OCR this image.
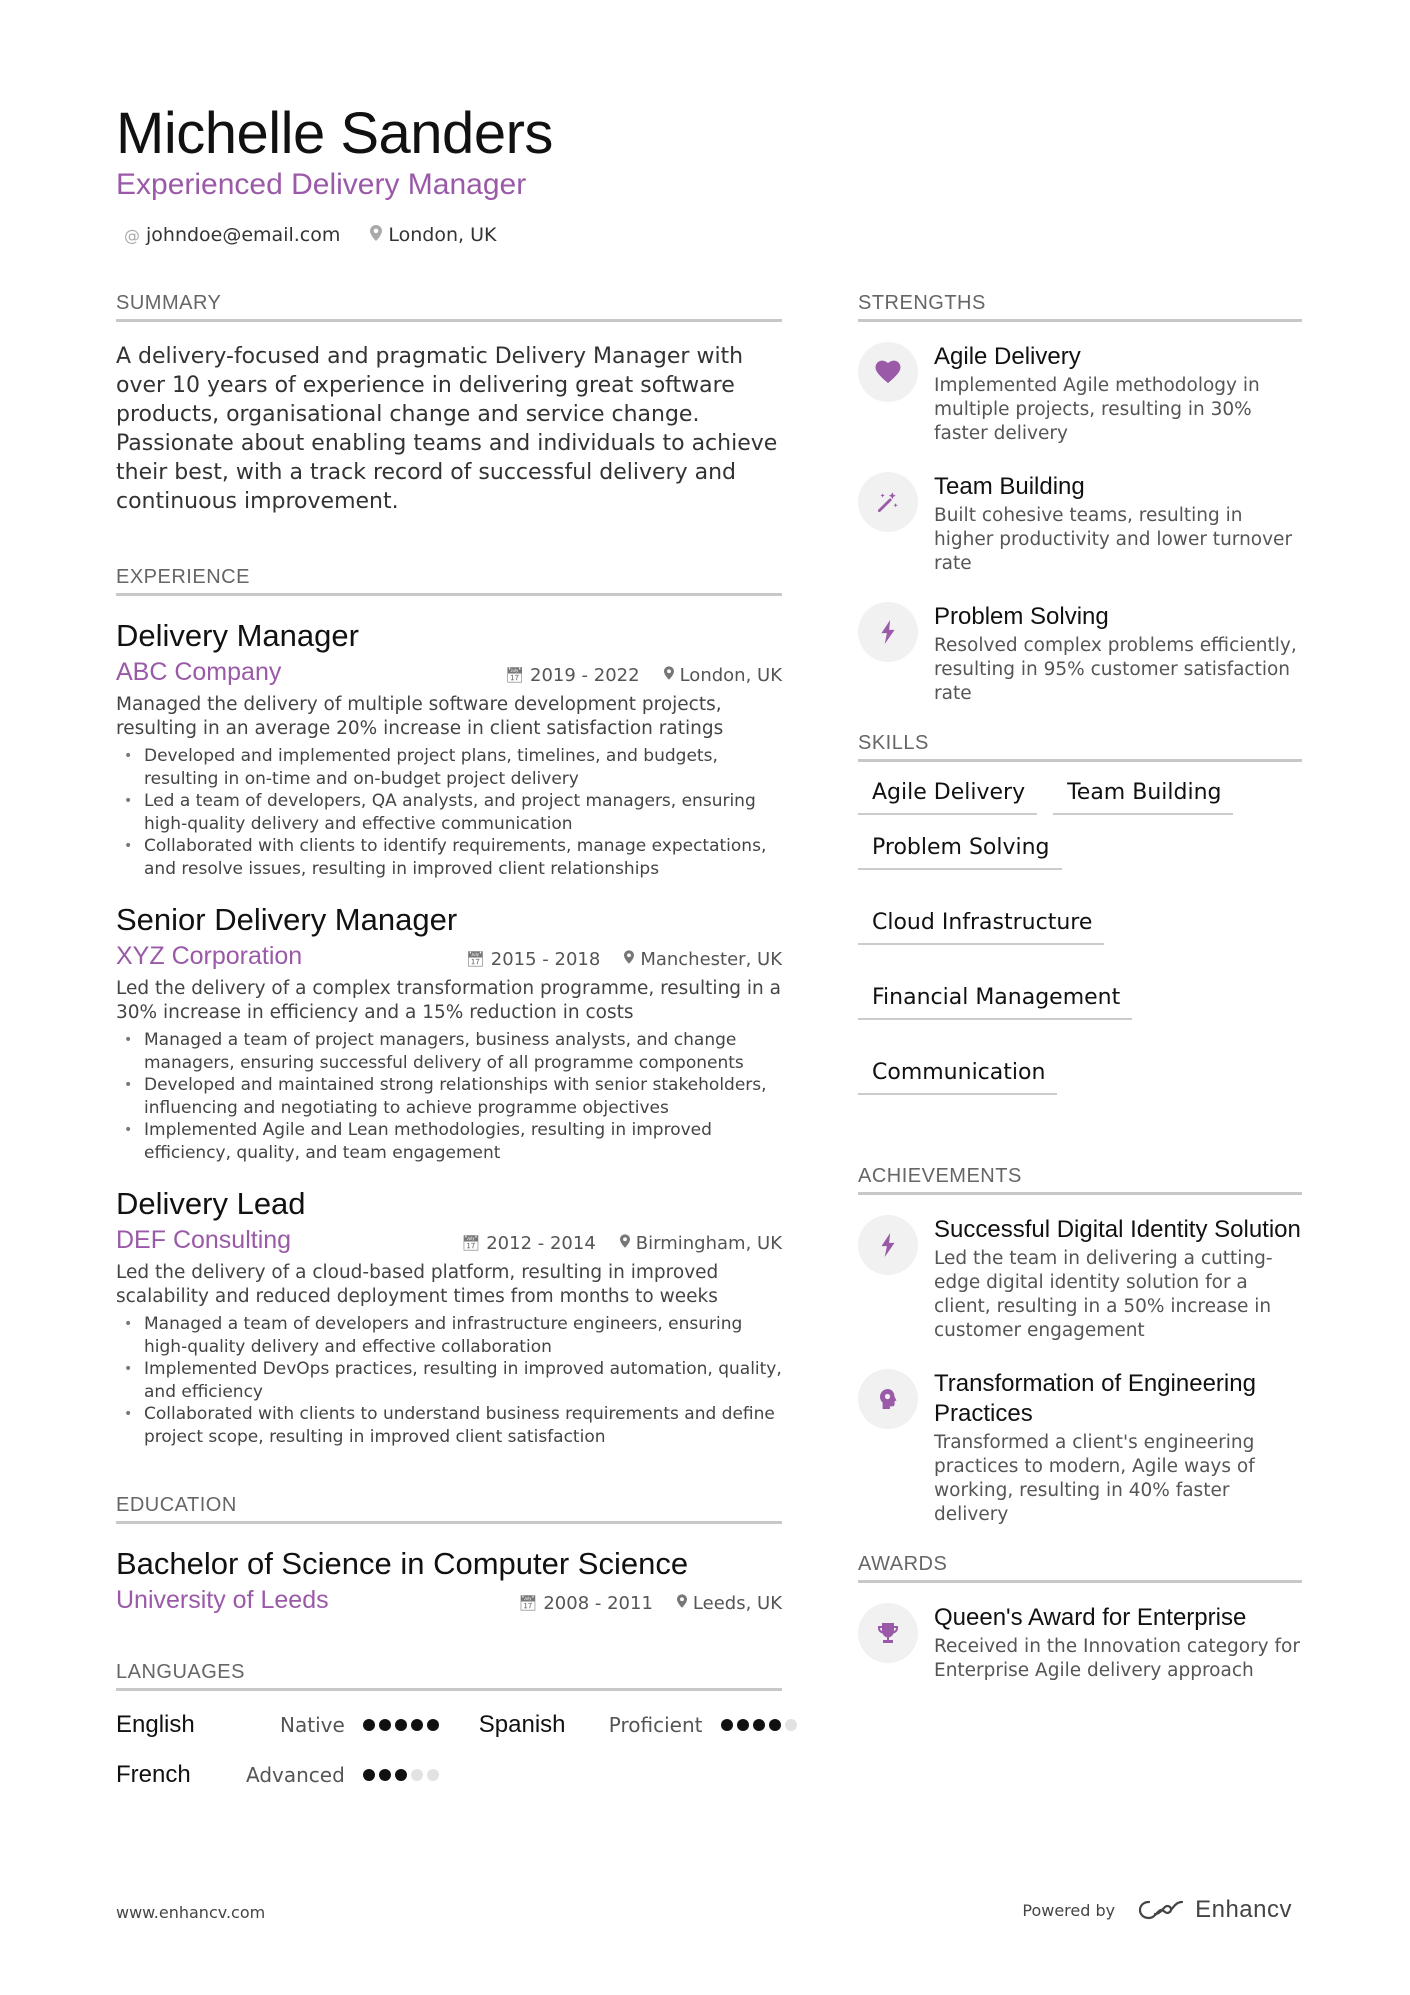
Michelle Sanders
Experienced Delivery Manager
@ johndoe@email.com	London, UK
SUMMARY
A delivery-focused and pragmatic Delivery Manager with over 10 years of experience in delivering great software products, organisational change and service change. Passionate about enabling teams and individuals to achieve their best, with a track record of successful delivery and continuous improvement.
EXPERIENCE
Delivery Manager
ABC Company	📅︎ 2019 - 2022 London, UK
Managed the delivery of multiple software development projects, resulting in an average 20% increase in client satisfaction ratings
• Developed and implemented project plans, timelines, and budgets, resulting in on-time and on-budget project delivery
• Led a team of developers, QA analysts, and project managers, ensuring high-quality delivery and effective communication
• Collaborated with clients to identify requirements, manage expectations, and resolve issues, resulting in improved client relationships
Senior Delivery Manager
XYZ Corporation	📅︎ 2015 - 2018 Manchester, UK
Led the delivery of a complex transformation programme, resulting in a 30% increase in efficiency and a 15% reduction in costs
• Managed a team of project managers, business analysts, and change managers, ensuring successful delivery of all programme components
• Developed and maintained strong relationships with senior stakeholders, influencing and negotiating to achieve programme objectives
• Implemented Agile and Lean methodologies, resulting in improved efficiency, quality, and team engagement
Delivery Lead
DEF Consulting	📅︎ 2012 - 2014 Birmingham, UK
Led the delivery of a cloud-based platform, resulting in improved scalability and reduced deployment times from months to weeks
• Managed a team of developers and infrastructure engineers, ensuring high-quality delivery and effective collaboration
• Implemented DevOps practices, resulting in improved automation, quality, and efficiency
• Collaborated with clients to understand business requirements and define project scope, resulting in improved client satisfaction
EDUCATION
Bachelor of Science in Computer Science
University of Leeds	📅︎ 2008 - 2011 Leeds, UK
LANGUAGES
English	Native	Spanish	Proficient
French	Advanced
STRENGTHS
Agile Delivery
Implemented Agile methodology in multiple projects, resulting in 30% faster delivery
Team Building
Built cohesive teams, resulting in higher productivity and lower turnover rate
Problem Solving
Resolved complex problems efficiently, resulting in 95% customer satisfaction rate
SKILLS
Agile Delivery	Team Building
Problem Solving
Cloud Infrastructure
Financial Management
Communication
ACHIEVEMENTS
Successful Digital Identity Solution
Led the team in delivering a cutting-edge digital identity solution for a client, resulting in a 50% increase in customer engagement
Transformation of Engineering Practices
Transformed a client's engineering practices to modern, Agile ways of working, resulting in 40% faster delivery
AWARDS
Queen's Award for Enterprise
Received in the Innovation category for Enterprise Agile delivery approach
www.enhancv.com	Powered by	Enhancv
